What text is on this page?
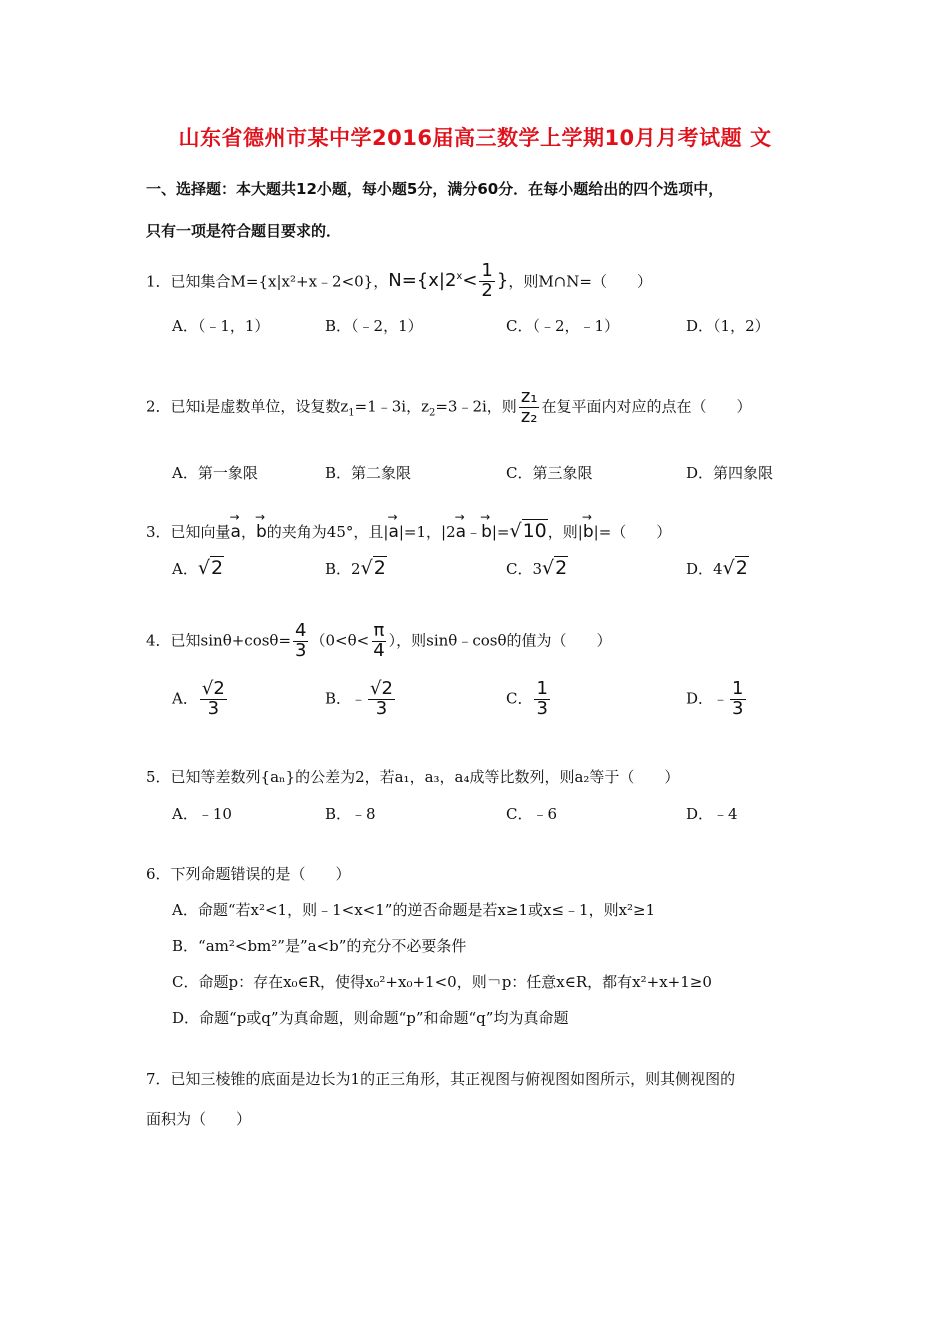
山东省德州市某中学2016届高三数学上学期10月月考试题 文
一、选择题：本大题共12小题，每小题5分，满分60分．在每小题给出的四个选项中，
只有一项是符合题目要求的．
1．已知集合M={x|x²+x﹣2<0}，$N=\{x|2^x< \frac{1}{2}$ }，则M∩N=（　　）
A．（﹣1，1）	B．（﹣2，1）	C．（﹣2，﹣1）	D．（1，2）
2．已知i是虚数单位，设复数$z_1=1﹣3i$，$z_2=3﹣2i$，则 $\frac{\text{z₁}}{\text{z₂}}$ 在复平面内对应的点在（　　）
A．第一象限	B．第二象限	C．第三象限	D．第四象限
3．已知向量→ a，→ b的夹角为45°，且|→ a|=1，|2→ a﹣→ b|=√10，则|→ b|=（　　）
A．√2	B．2√2	C．3√2	D．4√2
4．已知$\sin\theta+\cos\theta= \frac{4}{3} (0<\theta< \frac{\pi}{4}$ ），则sinθ﹣cosθ的值为（　　）
A． $\frac{√2}{3}$	B．﹣ $\frac{√2}{3}$	C． $\frac{1}{3}$	D．﹣ $\frac{1}{3}$
5．已知等差数列{aₙ}的公差为2，若a₁，a₃，a₄成等比数列，则a₂等于（　　）
A．﹣10	B．﹣8	C．﹣6	D．﹣4
6．下列命题错误的是（　　）
A．命题“若x²<1，则﹣1<x<1”的逆否命题是若x≥1或x≤﹣1，则x²≥1
B．“am²<bm²”是”a<b”的充分不必要条件
C．命题p：存在x₀∈R，使得x₀²+x₀+1<0，则￢p：任意x∈R，都有x²+x+1≥0
D．命题“p或q”为真命题，则命题“p”和命题“q”均为真命题
7．已知三棱锥的底面是边长为1的正三角形，其正视图与俯视图如图所示，则其侧视图的
面积为（　　）
